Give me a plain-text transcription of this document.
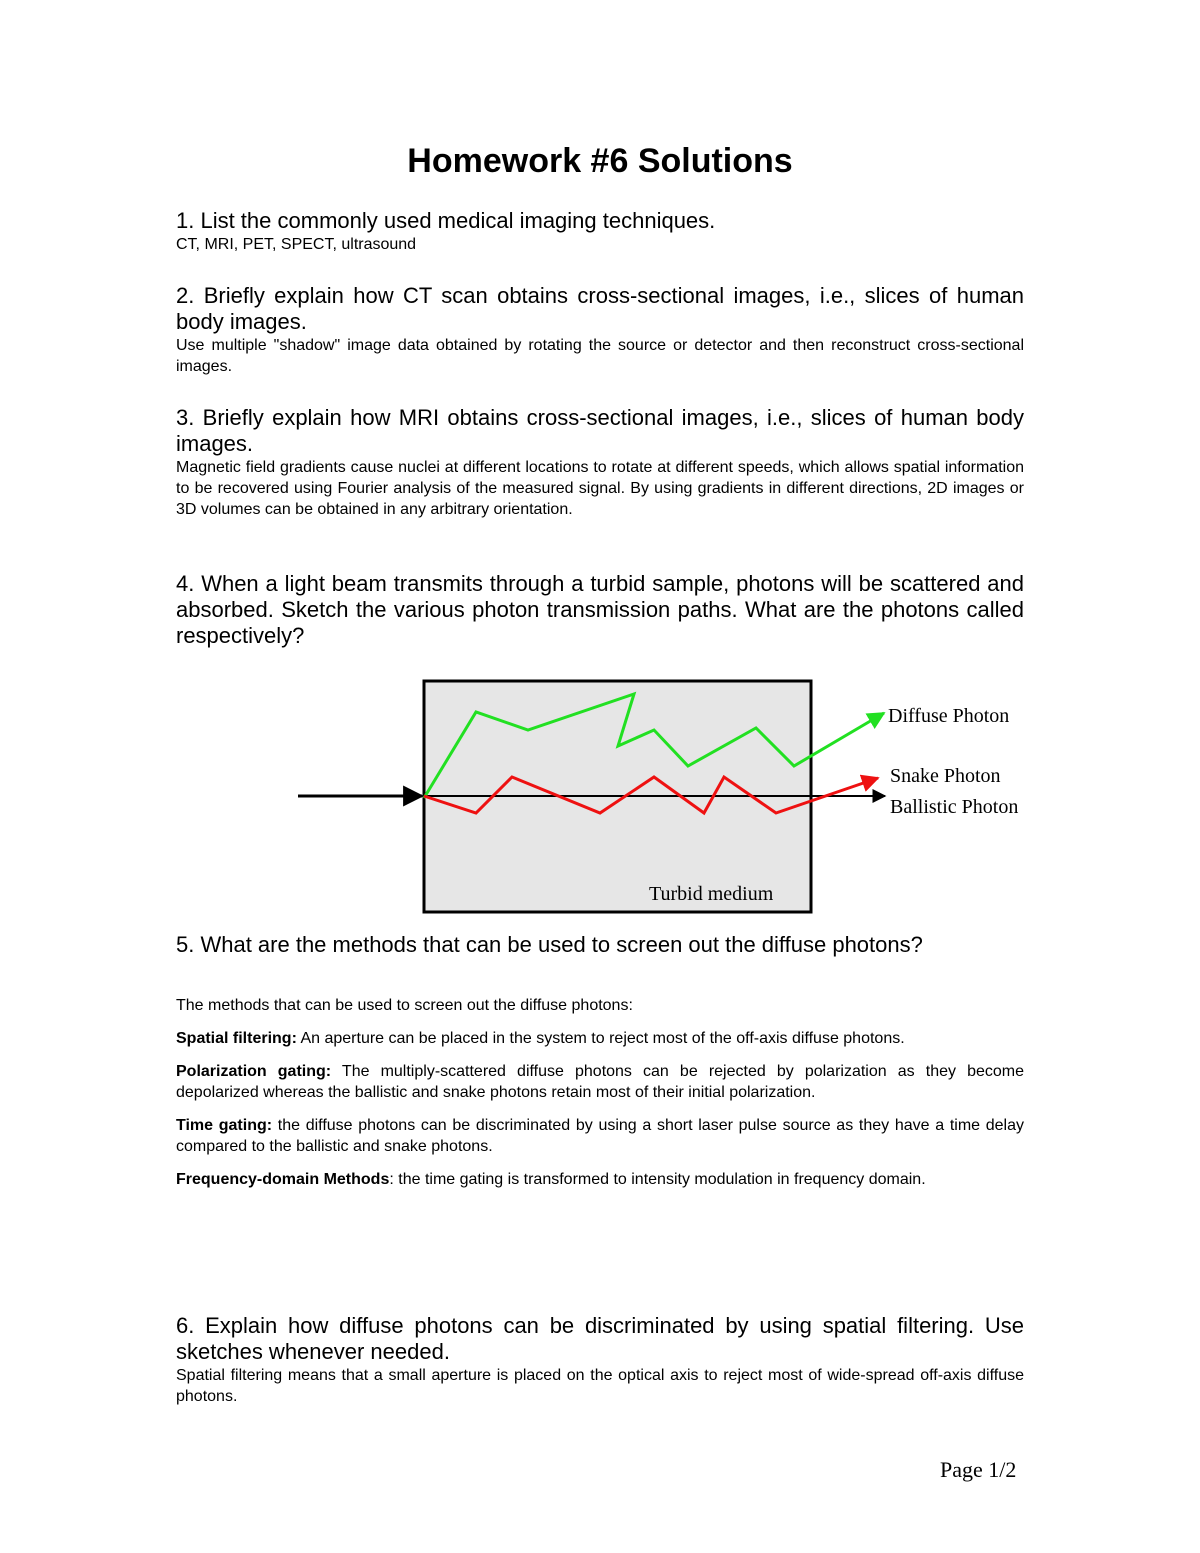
Homework #6 Solutions
1. List the commonly used medical imaging techniques.
CT, MRI, PET, SPECT, ultrasound
2. Briefly explain how CT scan obtains cross-sectional images, i.e., slices of human body images.
Use multiple "shadow" image data obtained by rotating the source or detector and then reconstruct cross-sectional images.
3. Briefly explain how MRI obtains cross-sectional images, i.e., slices of human body images.
Magnetic field gradients cause nuclei at different locations to rotate at different speeds, which allows spatial information to be recovered using Fourier analysis of the measured signal. By using gradients in different directions, 2D images or 3D volumes can be obtained in any arbitrary orientation.
4. When a light beam transmits through a turbid sample, photons will be scattered and absorbed. Sketch the various photon transmission paths. What are the photons called respectively?
Diffuse Photon
Snake Photon
Ballistic Photon
Turbid medium
5. What are the methods that can be used to screen out the diffuse photons?

The methods that can be used to screen out the diffuse photons:

Spatial filtering: An aperture can be placed in the system to reject most of the off-axis diffuse photons.

Polarization gating: The multiply-scattered diffuse photons can be rejected by polarization as they become depolarized whereas the ballistic and snake photons retain most of their initial polarization.

Time gating: the diffuse photons can be discriminated by using a short laser pulse source as they have a time delay compared to the ballistic and snake photons.

Frequency-domain Methods: the time gating is transformed to intensity modulation in frequency domain.

6. Explain how diffuse photons can be discriminated by using spatial filtering. Use sketches whenever needed.
Spatial filtering means that a small aperture is placed on the optical axis to reject most of wide-spread off-axis diffuse photons.
Page 1/2
